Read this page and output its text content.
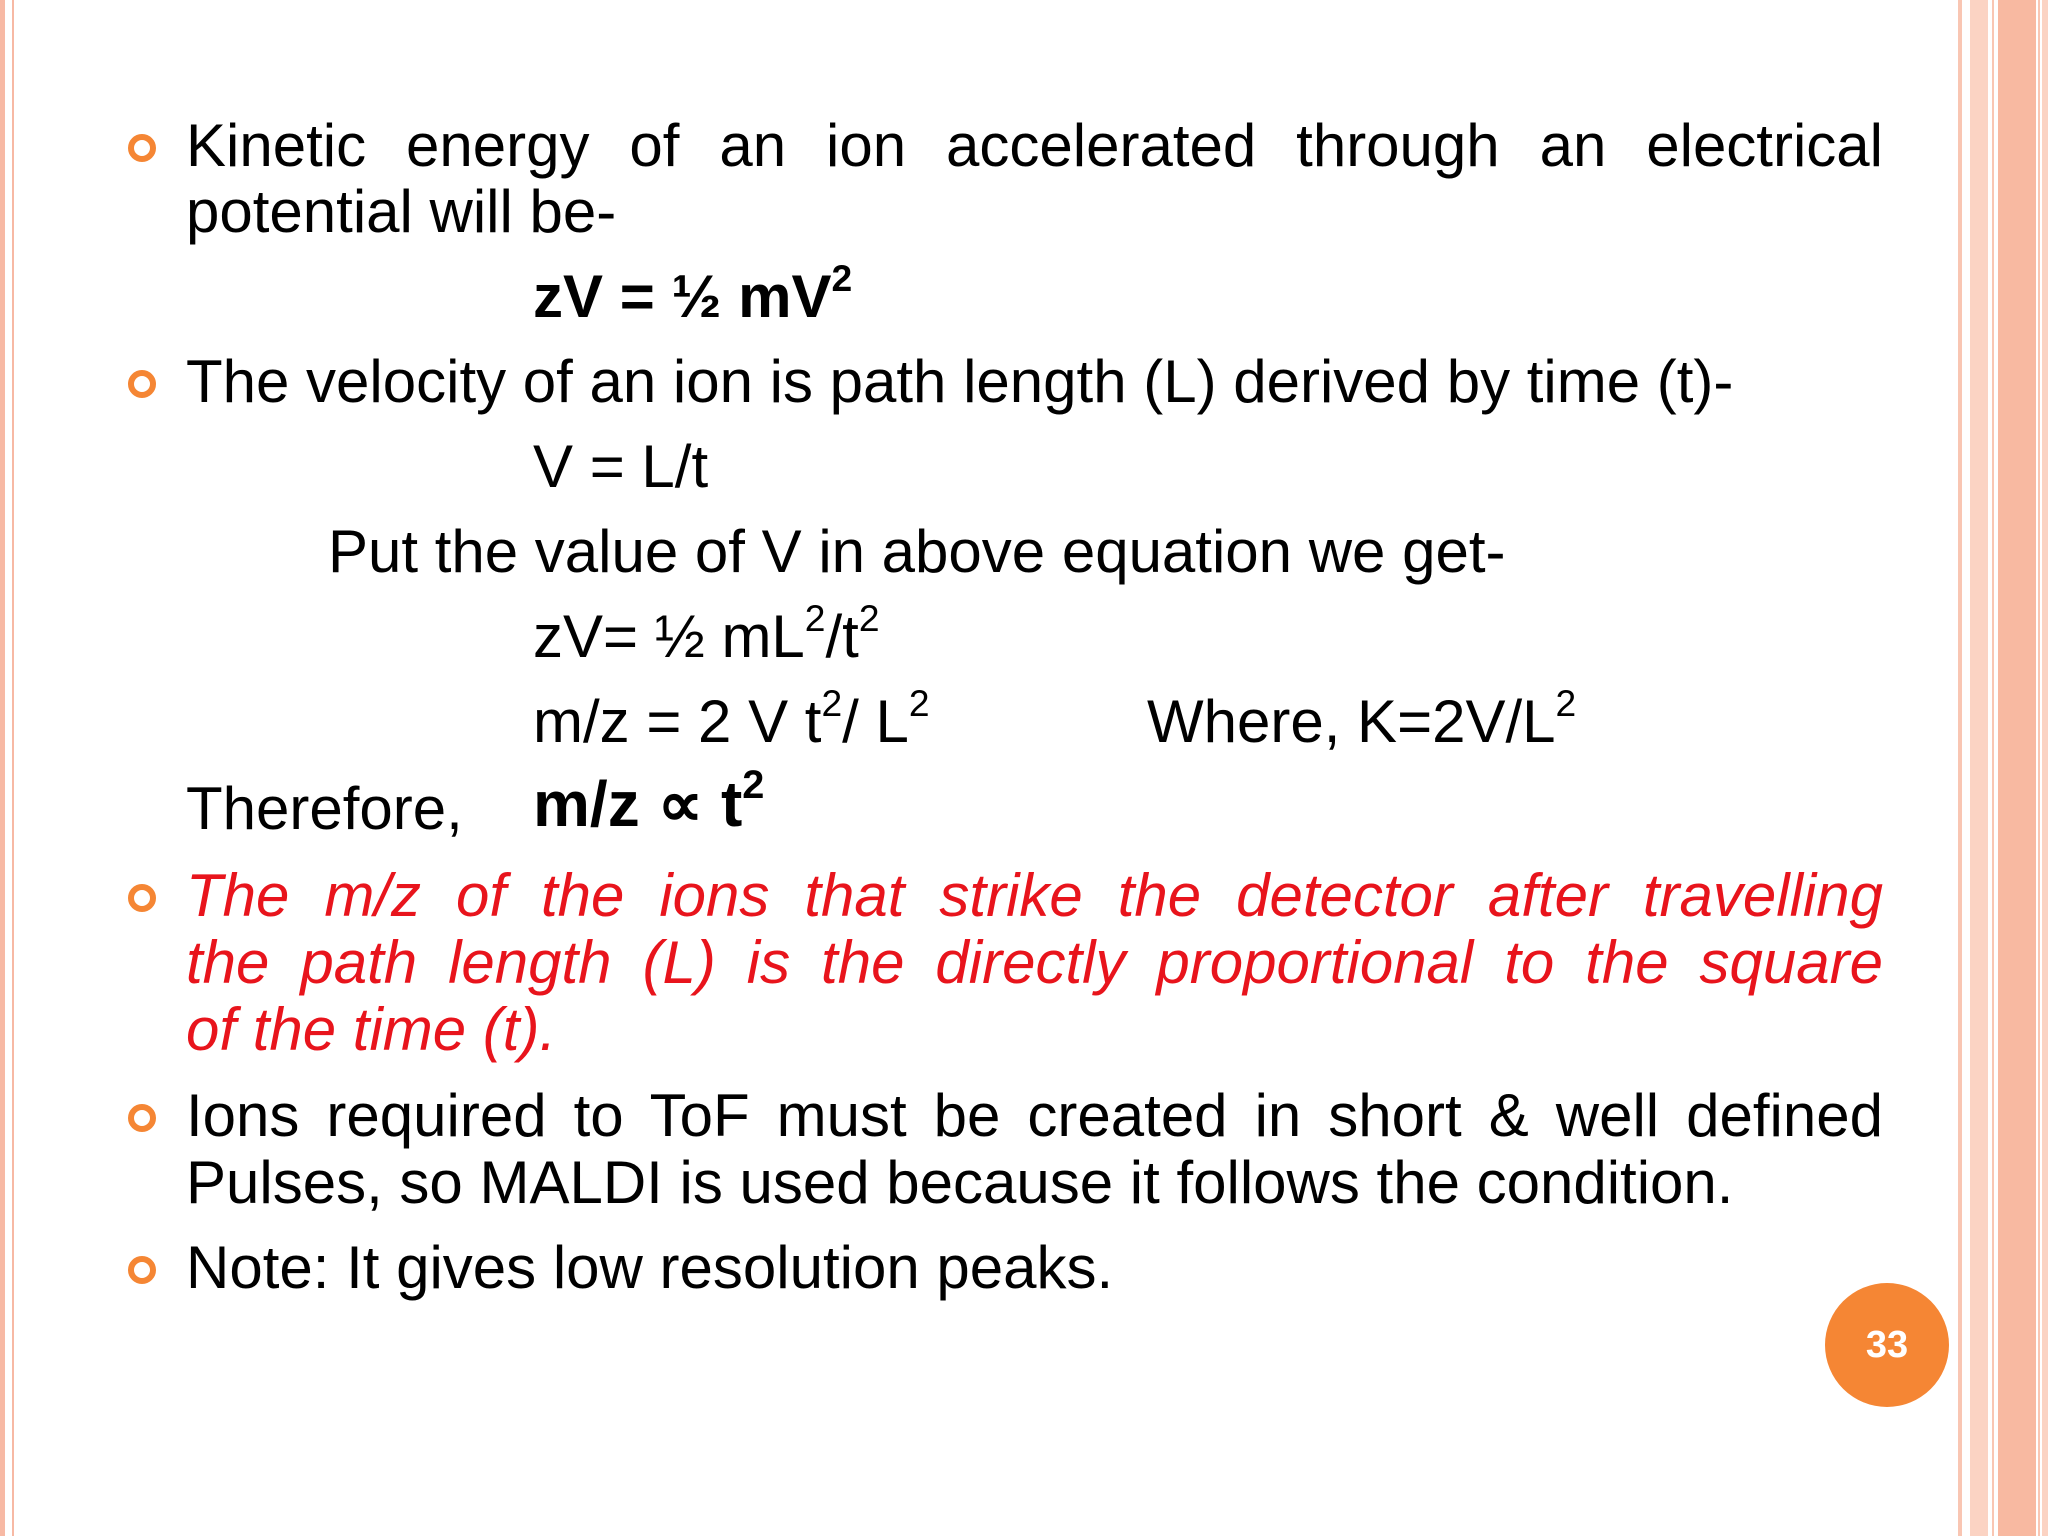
Kinetic energy of an ion accelerated through an electrical
potential will be-
zV = ½ $mV^2$
The velocity of an ion is path length (L) derived by time (t)-
V = L/t
Put the value of V in above equation we get-
zV= ½ $mL^2/t^2$
m/z = 2 V $t^2/$ $L^2$	Where, $K=2V/L^2$
Therefore, $m/z \propto t^2$
The m/z of the ions that strike the detector after travelling
the path length (L) is the directly proportional to the square
of the time (t).
Ions required to ToF must be created in short & well defined
Pulses, so MALDI is used because it follows the condition.
Note: It gives low resolution peaks.
33
